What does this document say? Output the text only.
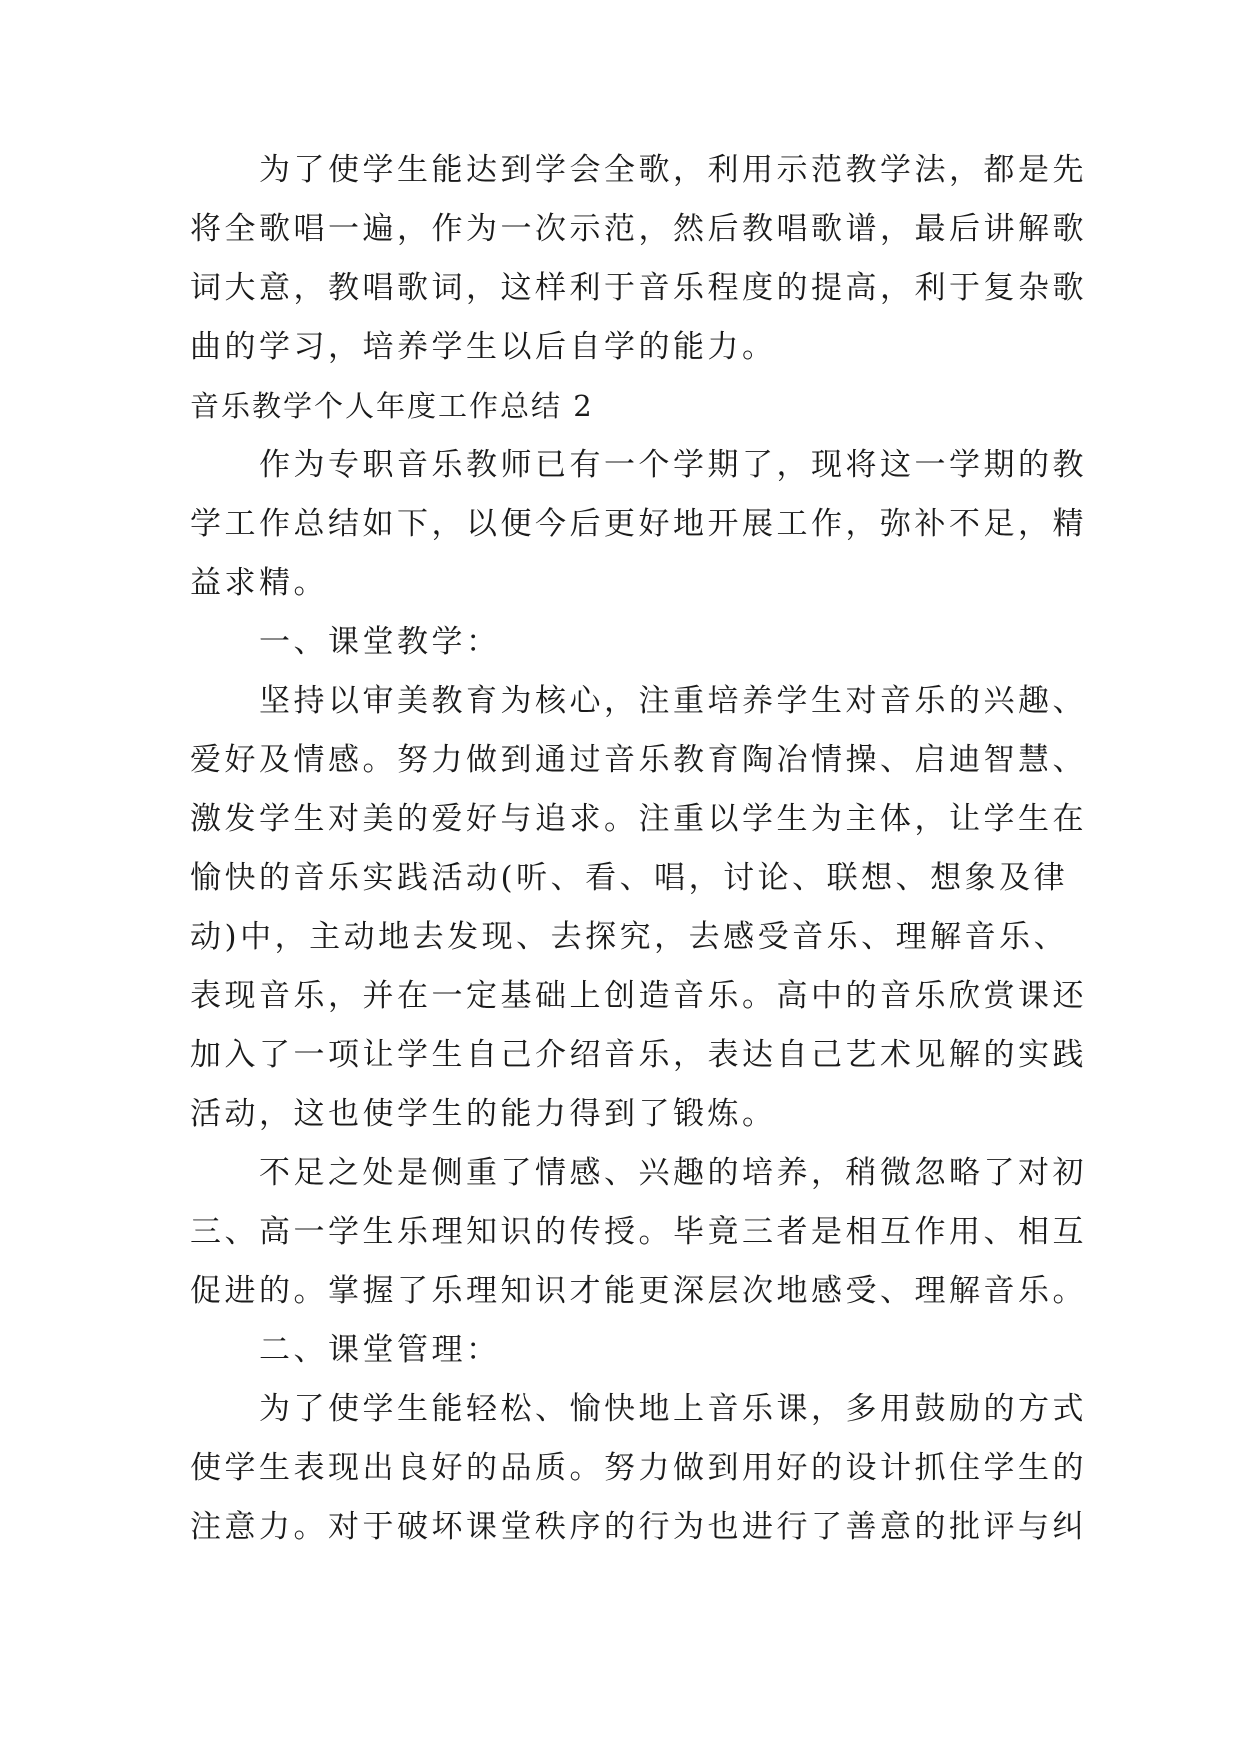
　　为了使学生能达到学会全歌，利用示范教学法，都是先

将全歌唱一遍，作为一次示范，然后教唱歌谱，最后讲解歌

词大意，教唱歌词，这样利于音乐程度的提高，利于复杂歌

曲的学习，培养学生以后自学的能力。

音乐教学个人年度工作总结 2

　　作为专职音乐教师已有一个学期了，现将这一学期的教

学工作总结如下，以便今后更好地开展工作，弥补不足，精

益求精。

　　一、课堂教学：

　　坚持以审美教育为核心，注重培养学生对音乐的兴趣、

爱好及情感。努力做到通过音乐教育陶冶情操、启迪智慧、

激发学生对美的爱好与追求。注重以学生为主体，让学生在

愉快的音乐实践活动(听、看、唱，讨论、联想、想象及律

动)中，主动地去发现、去探究，去感受音乐、理解音乐、

表现音乐，并在一定基础上创造音乐。高中的音乐欣赏课还

加入了一项让学生自己介绍音乐，表达自己艺术见解的实践

活动，这也使学生的能力得到了锻炼。

　　不足之处是侧重了情感、兴趣的培养，稍微忽略了对初

三、高一学生乐理知识的传授。毕竟三者是相互作用、相互

促进的。掌握了乐理知识才能更深层次地感受、理解音乐。

　　二、课堂管理：

　　为了使学生能轻松、愉快地上音乐课，多用鼓励的方式

使学生表现出良好的品质。努力做到用好的设计抓住学生的

注意力。对于破坏课堂秩序的行为也进行了善意的批评与纠
